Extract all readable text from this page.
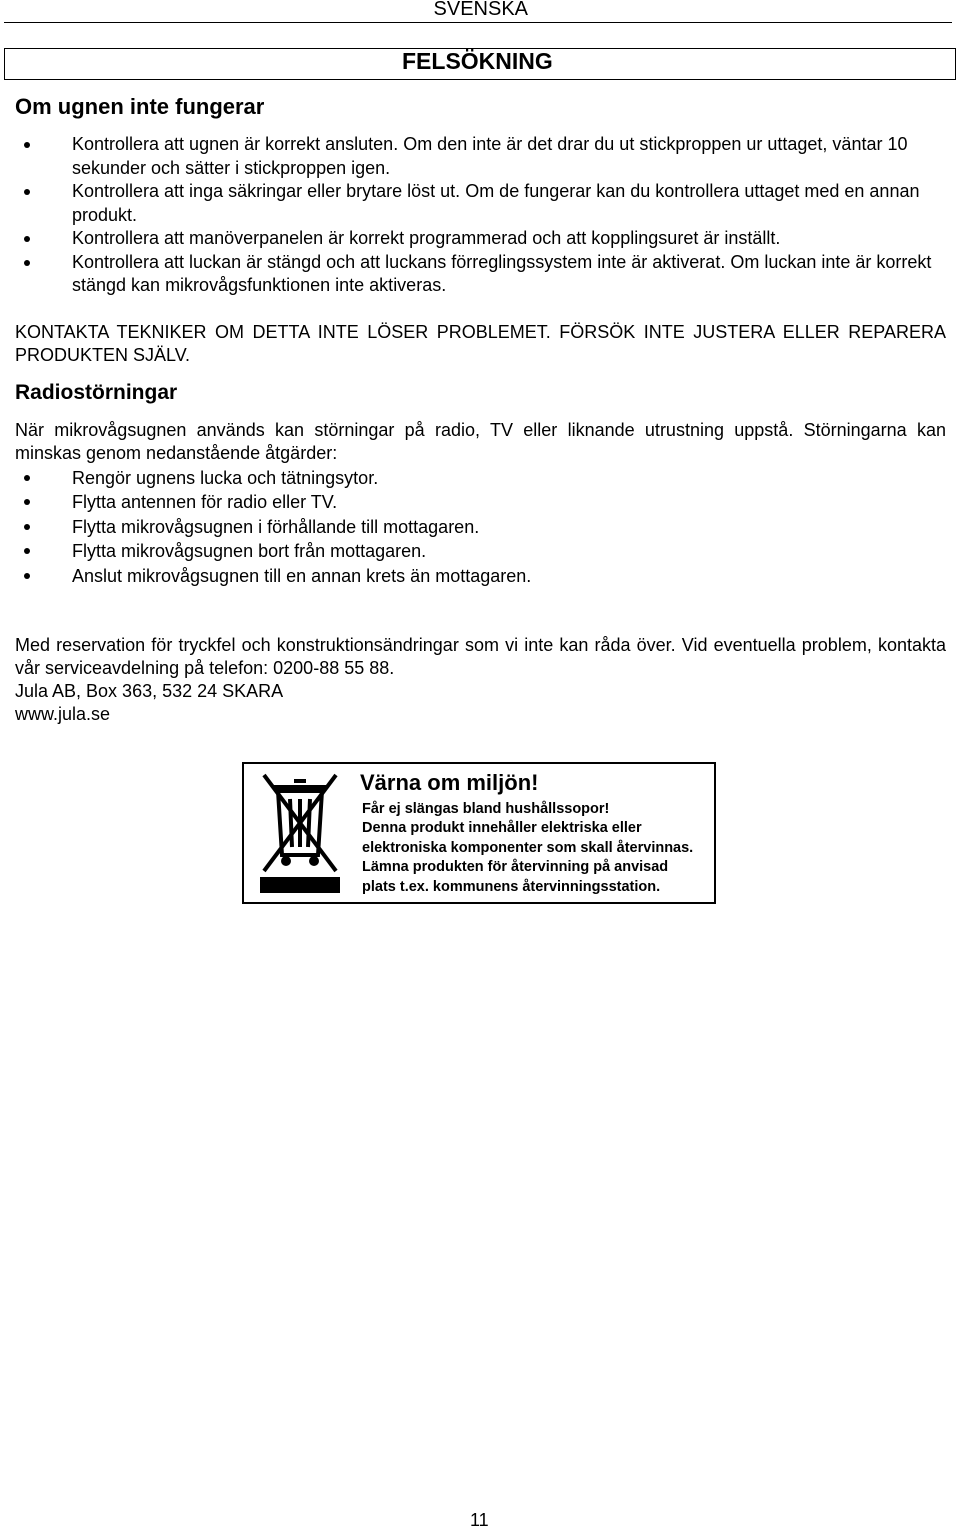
SVENSKA
FELSÖKNING
Om ugnen inte fungerar
Kontrollera att ugnen är korrekt ansluten. Om den inte är det drar du ut stickproppen ur uttaget, väntar 10 sekunder och sätter i stickproppen igen.
Kontrollera att inga säkringar eller brytare löst ut. Om de fungerar kan du kontrollera uttaget med en annan produkt.
Kontrollera att manöverpanelen är korrekt programmerad och att kopplingsuret är inställt.
Kontrollera att luckan är stängd och att luckans förreglingssystem inte är aktiverat. Om luckan inte är korrekt stängd kan mikrovågsfunktionen inte aktiveras.

KONTAKTA TEKNIKER OM DETTA INTE LÖSER PROBLEMET. FÖRSÖK INTE JUSTERA ELLER REPARERA PRODUKTEN SJÄLV.

Radiostörningar

När mikrovågsugnen används kan störningar på radio, TV eller liknande utrustning uppstå. Störningarna kan minskas genom nedanstående åtgärder:

Rengör ugnens lucka och tätningsytor.
Flytta antennen för radio eller TV.
Flytta mikrovågsugnen i förhållande till mottagaren.
Flytta mikrovågsugnen bort från mottagaren.
Anslut mikrovågsugnen till en annan krets än mottagaren.
Med reservation för tryckfel och konstruktionsändringar som vi inte kan råda över. Vid eventuella problem, kontakta vår serviceavdelning på telefon: 0200-88 55 88.
Jula AB, Box 363, 532 24 SKARA
www.jula.se
Värna om miljön!
Får ej slängas bland hushållssopor!
Denna produkt innehåller elektriska eller
elektroniska komponenter som skall återvinnas.
Lämna produkten för återvinning på anvisad
plats t.ex. kommunens återvinningsstation.
11
